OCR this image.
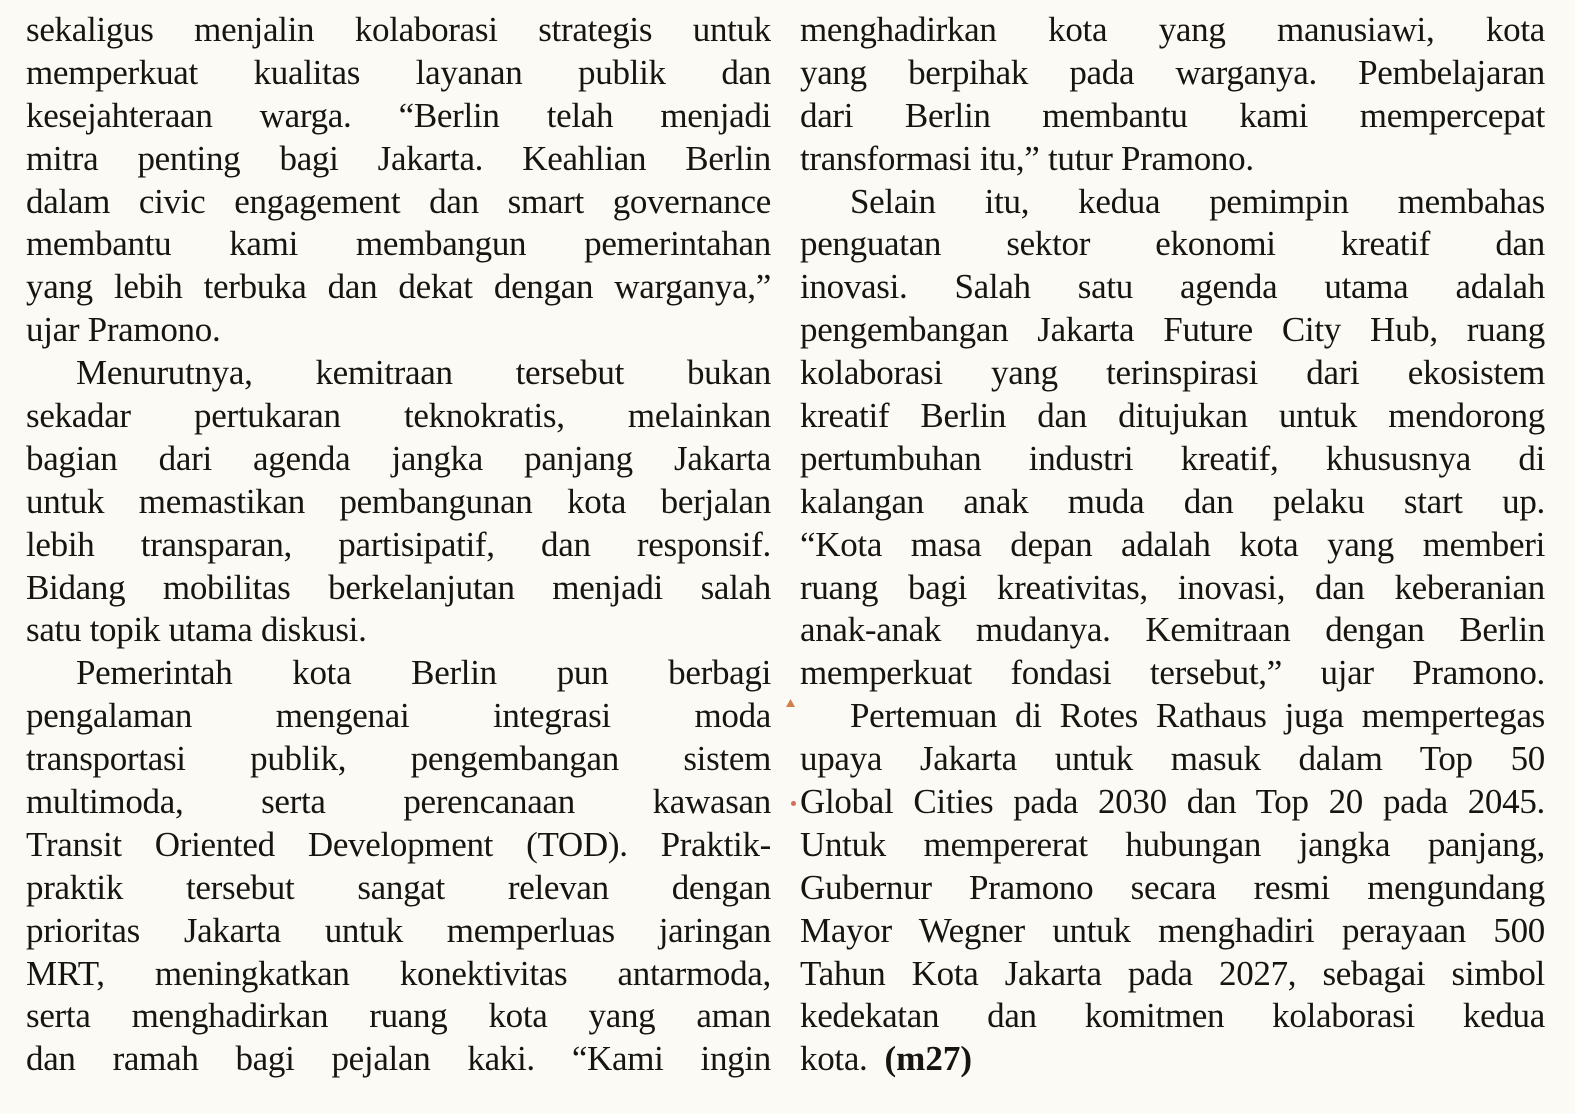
sekaligus menjalin kolaborasi strategis untuk
memperkuat kualitas layanan publik dan
kesejahteraan warga. “Berlin telah menjadi
mitra penting bagi Jakarta. Keahlian Berlin
dalam civic engagement dan smart governance
membantu kami membangun pemerintahan
yang lebih terbuka dan dekat dengan warganya,”
ujar Pramono.
Menurutnya, kemitraan tersebut bukan
sekadar pertukaran teknokratis, melainkan
bagian dari agenda jangka panjang Jakarta
untuk memastikan pembangunan kota berjalan
lebih transparan, partisipatif, dan responsif.
Bidang mobilitas berkelanjutan menjadi salah
satu topik utama diskusi.
Pemerintah kota Berlin pun berbagi
pengalaman mengenai integrasi moda
transportasi publik, pengembangan sistem
multimoda, serta perencanaan kawasan
Transit Oriented Development (TOD). Praktik-
praktik tersebut sangat relevan dengan
prioritas Jakarta untuk memperluas jaringan
MRT, meningkatkan konektivitas antarmoda,
serta menghadirkan ruang kota yang aman
dan ramah bagi pejalan kaki. “Kami ingin
menghadirkan kota yang manusiawi, kota
yang berpihak pada warganya. Pembelajaran
dari Berlin membantu kami mempercepat
transformasi itu,” tutur Pramono.
Selain itu, kedua pemimpin membahas
penguatan sektor ekonomi kreatif dan
inovasi. Salah satu agenda utama adalah
pengembangan Jakarta Future City Hub, ruang
kolaborasi yang terinspirasi dari ekosistem
kreatif Berlin dan ditujukan untuk mendorong
pertumbuhan industri kreatif, khususnya di
kalangan anak muda dan pelaku start up.
“Kota masa depan adalah kota yang memberi
ruang bagi kreativitas, inovasi, dan keberanian
anak-anak mudanya. Kemitraan dengan Berlin
memperkuat fondasi tersebut,” ujar Pramono.
Pertemuan di Rotes Rathaus juga mempertegas
upaya Jakarta untuk masuk dalam Top 50
Global Cities pada 2030 dan Top 20 pada 2045.
Untuk mempererat hubungan jangka panjang,
Gubernur Pramono secara resmi mengundang
Mayor Wegner untuk menghadiri perayaan 500
Tahun Kota Jakarta pada 2027, sebagai simbol
kedekatan dan komitmen kolaborasi kedua
kota. (m27)
